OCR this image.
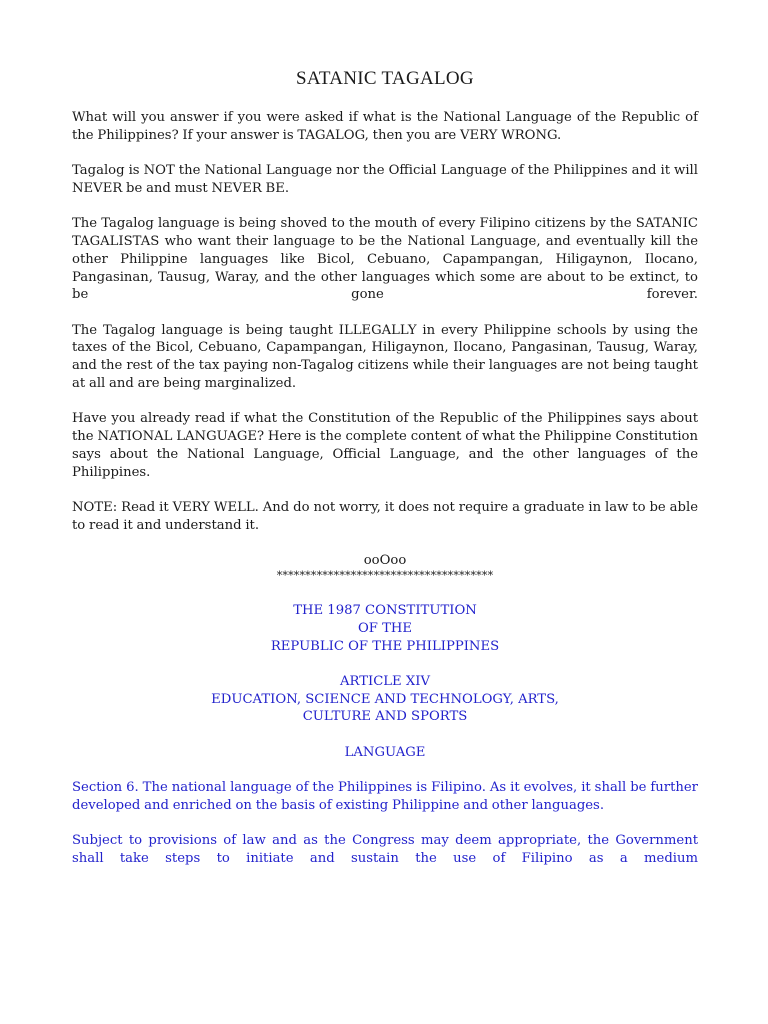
SATANIC TAGALOG

What will you answer if you were asked if what is the National Language of the Republic of the Philippines? If your answer is TAGALOG, then you are VERY WRONG.

Tagalog is NOT the National Language nor the Official Language of the Philippines and it will NEVER be and must NEVER BE.

The Tagalog language is being shoved to the mouth of every Filipino citizens by the SATANIC TAGALISTAS who want their language to be the National Language, and eventually kill the other Philippine languages like Bicol, Cebuano, Capampangan, Hiligaynon, Ilocano, Pangasinan, Tausug, Waray, and the other languages which some are about to be extinct, to be gone forever.

The Tagalog language is being taught ILLEGALLY in every Philippine schools by using the taxes of the Bicol, Cebuano, Capampangan, Hiligaynon, Ilocano, Pangasinan, Tausug, Waray, and the rest of the tax paying non-Tagalog citizens while their languages are not being taught at all and are being marginalized.

Have you already read if what the Constitution of the Republic of the Philippines says about the NATIONAL LANGUAGE? Here is the complete content of what the Philippine Constitution says about the National Language, Official Language, and the other languages of the Philippines.

NOTE: Read it VERY WELL. And do not worry, it does not require a graduate in law to be able to read it and understand it.

ooOoo

**************************************

THE 1987 CONSTITUTION

OF THE

REPUBLIC OF THE PHILIPPINES

ARTICLE XIV

EDUCATION, SCIENCE AND TECHNOLOGY, ARTS,

CULTURE AND SPORTS

LANGUAGE

Section 6. The national language of the Philippines is Filipino. As it evolves, it shall be further developed and enriched on the basis of existing Philippine and other languages.

Subject to provisions of law and as the Congress may deem appropriate, the Government shall take steps to initiate and sustain the use of Filipino as a medium
